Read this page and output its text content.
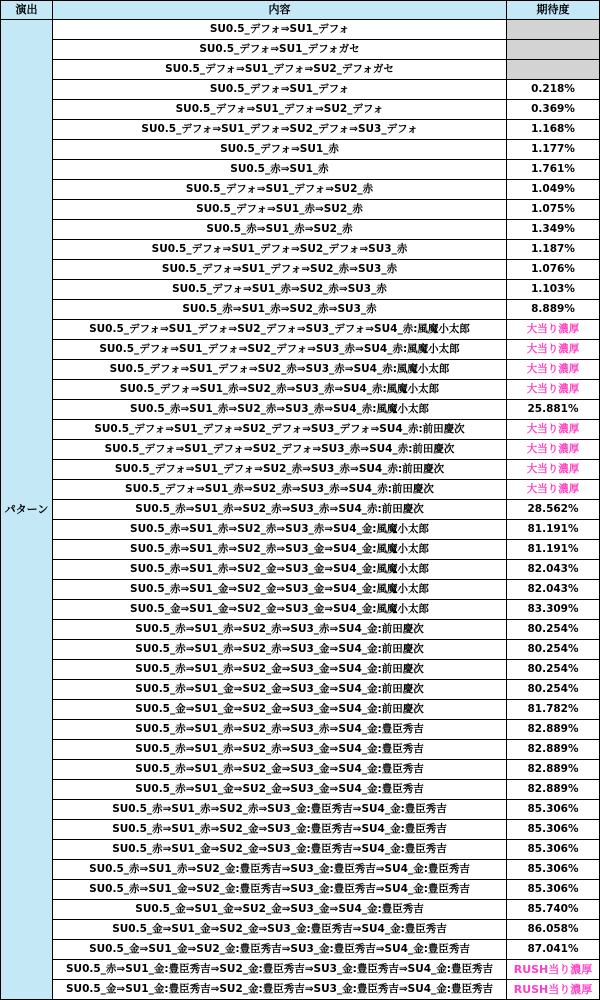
演出	内容	期待度
パターン	SU0.5_デフォ⇒SU1_デフォ	
	SU0.5_デフォ⇒SU1_デフォガセ	
	SU0.5_デフォ⇒SU1_デフォ⇒SU2_デフォガセ	
	SU0.5_デフォ⇒SU1_デフォ	0.218%
	SU0.5_デフォ⇒SU1_デフォ⇒SU2_デフォ	0.369%
	SU0.5_デフォ⇒SU1_デフォ⇒SU2_デフォ⇒SU3_デフォ	1.168%
	SU0.5_デフォ⇒SU1_赤	1.177%
	SU0.5_赤⇒SU1_赤	1.761%
	SU0.5_デフォ⇒SU1_デフォ⇒SU2_赤	1.049%
	SU0.5_デフォ⇒SU1_赤⇒SU2_赤	1.075%
	SU0.5_赤⇒SU1_赤⇒SU2_赤	1.349%
	SU0.5_デフォ⇒SU1_デフォ⇒SU2_デフォ⇒SU3_赤	1.187%
	SU0.5_デフォ⇒SU1_デフォ⇒SU2_赤⇒SU3_赤	1.076%
	SU0.5_デフォ⇒SU1_赤⇒SU2_赤⇒SU3_赤	1.103%
	SU0.5_赤⇒SU1_赤⇒SU2_赤⇒SU3_赤	8.889%
	SU0.5_デフォ⇒SU1_デフォ⇒SU2_デフォ⇒SU3_デフォ⇒SU4_赤:風魔小太郎	大当り濃厚
	SU0.5_デフォ⇒SU1_デフォ⇒SU2_デフォ⇒SU3_赤⇒SU4_赤:風魔小太郎	大当り濃厚
	SU0.5_デフォ⇒SU1_デフォ⇒SU2_赤⇒SU3_赤⇒SU4_赤:風魔小太郎	大当り濃厚
	SU0.5_デフォ⇒SU1_赤⇒SU2_赤⇒SU3_赤⇒SU4_赤:風魔小太郎	大当り濃厚
	SU0.5_赤⇒SU1_赤⇒SU2_赤⇒SU3_赤⇒SU4_赤:風魔小太郎	25.881%
	SU0.5_デフォ⇒SU1_デフォ⇒SU2_デフォ⇒SU3_デフォ⇒SU4_赤:前田慶次	大当り濃厚
	SU0.5_デフォ⇒SU1_デフォ⇒SU2_デフォ⇒SU3_赤⇒SU4_赤:前田慶次	大当り濃厚
	SU0.5_デフォ⇒SU1_デフォ⇒SU2_赤⇒SU3_赤⇒SU4_赤:前田慶次	大当り濃厚
	SU0.5_デフォ⇒SU1_赤⇒SU2_赤⇒SU3_赤⇒SU4_赤:前田慶次	大当り濃厚
	SU0.5_赤⇒SU1_赤⇒SU2_赤⇒SU3_赤⇒SU4_赤:前田慶次	28.562%
	SU0.5_赤⇒SU1_赤⇒SU2_赤⇒SU3_赤⇒SU4_金:風魔小太郎	81.191%
	SU0.5_赤⇒SU1_赤⇒SU2_赤⇒SU3_金⇒SU4_金:風魔小太郎	81.191%
	SU0.5_赤⇒SU1_赤⇒SU2_金⇒SU3_金⇒SU4_金:風魔小太郎	82.043%
	SU0.5_赤⇒SU1_金⇒SU2_金⇒SU3_金⇒SU4_金:風魔小太郎	82.043%
	SU0.5_金⇒SU1_金⇒SU2_金⇒SU3_金⇒SU4_金:風魔小太郎	83.309%
	SU0.5_赤⇒SU1_赤⇒SU2_赤⇒SU3_赤⇒SU4_金:前田慶次	80.254%
	SU0.5_赤⇒SU1_赤⇒SU2_赤⇒SU3_金⇒SU4_金:前田慶次	80.254%
	SU0.5_赤⇒SU1_赤⇒SU2_金⇒SU3_金⇒SU4_金:前田慶次	80.254%
	SU0.5_赤⇒SU1_金⇒SU2_金⇒SU3_金⇒SU4_金:前田慶次	80.254%
	SU0.5_金⇒SU1_金⇒SU2_金⇒SU3_金⇒SU4_金:前田慶次	81.782%
	SU0.5_赤⇒SU1_赤⇒SU2_赤⇒SU3_赤⇒SU4_金:豊臣秀吉	82.889%
	SU0.5_赤⇒SU1_赤⇒SU2_赤⇒SU3_金⇒SU4_金:豊臣秀吉	82.889%
	SU0.5_赤⇒SU1_赤⇒SU2_金⇒SU3_金⇒SU4_金:豊臣秀吉	82.889%
	SU0.5_赤⇒SU1_金⇒SU2_金⇒SU3_金⇒SU4_金:豊臣秀吉	82.889%
	SU0.5_赤⇒SU1_赤⇒SU2_赤⇒SU3_金:豊臣秀吉⇒SU4_金:豊臣秀吉	85.306%
	SU0.5_赤⇒SU1_赤⇒SU2_金⇒SU3_金:豊臣秀吉⇒SU4_金:豊臣秀吉	85.306%
	SU0.5_赤⇒SU1_金⇒SU2_金⇒SU3_金:豊臣秀吉⇒SU4_金:豊臣秀吉	85.306%
	SU0.5_赤⇒SU1_赤⇒SU2_金:豊臣秀吉⇒SU3_金:豊臣秀吉⇒SU4_金:豊臣秀吉	85.306%
	SU0.5_赤⇒SU1_金⇒SU2_金:豊臣秀吉⇒SU3_金:豊臣秀吉⇒SU4_金:豊臣秀吉	85.306%
	SU0.5_金⇒SU1_金⇒SU2_金⇒SU3_金⇒SU4_金:豊臣秀吉	85.740%
	SU0.5_金⇒SU1_金⇒SU2_金⇒SU3_金:豊臣秀吉⇒SU4_金:豊臣秀吉	86.058%
	SU0.5_金⇒SU1_金⇒SU2_金:豊臣秀吉⇒SU3_金:豊臣秀吉⇒SU4_金:豊臣秀吉	87.041%
	SU0.5_赤⇒SU1_金:豊臣秀吉⇒SU2_金:豊臣秀吉⇒SU3_金:豊臣秀吉⇒SU4_金:豊臣秀吉	RUSH当り濃厚
	SU0.5_金⇒SU1_金:豊臣秀吉⇒SU2_金:豊臣秀吉⇒SU3_金:豊臣秀吉⇒SU4_金:豊臣秀吉	RUSH当り濃厚
